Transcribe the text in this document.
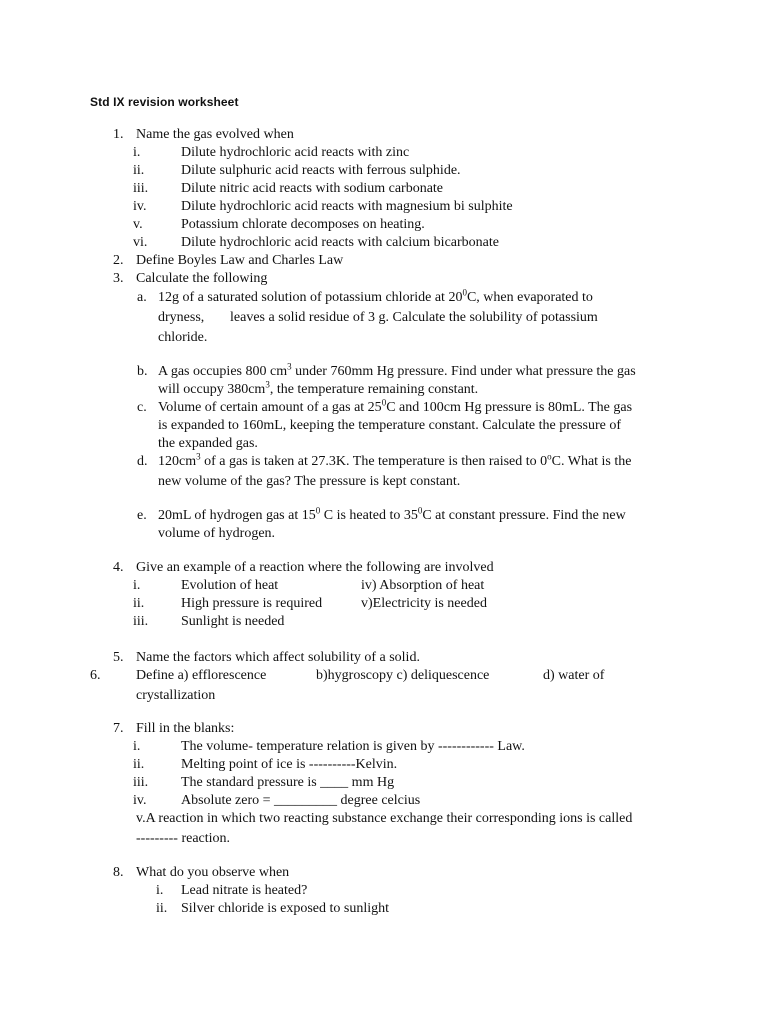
Std IX revision worksheet
1. Name the gas evolved when
i.	Dilute hydrochloric acid reacts with zinc
ii.	Dilute sulphuric acid reacts with ferrous sulphide.
iii. Dilute nitric acid reacts with sodium carbonate
iv. Dilute hydrochloric acid reacts with magnesium bi sulphite
v.	Potassium chlorate decomposes on heating.
vi. Dilute hydrochloric acid reacts with calcium bicarbonate
2. Define Boyles Law and Charles Law
3. Calculate the following
a. 12g of a saturated solution of potassium chloride at $20^0C$, when evaporated to
dryness, leaves a solid residue of 3 g. Calculate the solubility of potassium
chloride.
b. A gas occupies 800 $cm^3$ under 760mm Hg pressure. Find under what pressure the gas
will occupy $380cm^3$, the temperature remaining constant.
c. Volume of certain amount of a gas at $25^0C$ and 100cm Hg pressure is 80mL. The gas
is expanded to 160mL, keeping the temperature constant. Calculate the pressure of
the expanded gas.
d. $120cm^3$ of a gas is taken at 27.3K. The temperature is then raised to 0$^o$C. What is the
new volume of the gas? The pressure is kept constant.
e. 20mL of hydrogen gas at $15^0$ C is heated to $35^0C$ at constant pressure. Find the new
volume of hydrogen.
4. Give an example of a reaction where the following are involved
i.	Evolution of heat	iv) Absorption of heat
ii.	High pressure is required	v)Electricity is needed
iii. Sunlight is needed
5. Name the factors which affect solubility of a solid.
6.	Define a) efflorescence	b)hygroscopy c) deliquescence	d) water of
crystallization
7. Fill in the blanks:
i.	The volume- temperature relation is given by ------------ Law.
ii.	Melting point of ice is ----------Kelvin.
iii. The standard pressure is ____ mm Hg
iv. Absolute zero = _________ degree celcius
v.A reaction in which two reacting substance exchange their corresponding ions is called
--------- reaction.
8. What do you observe when
i. Lead nitrate is heated?
ii. Silver chloride is exposed to sunlight
